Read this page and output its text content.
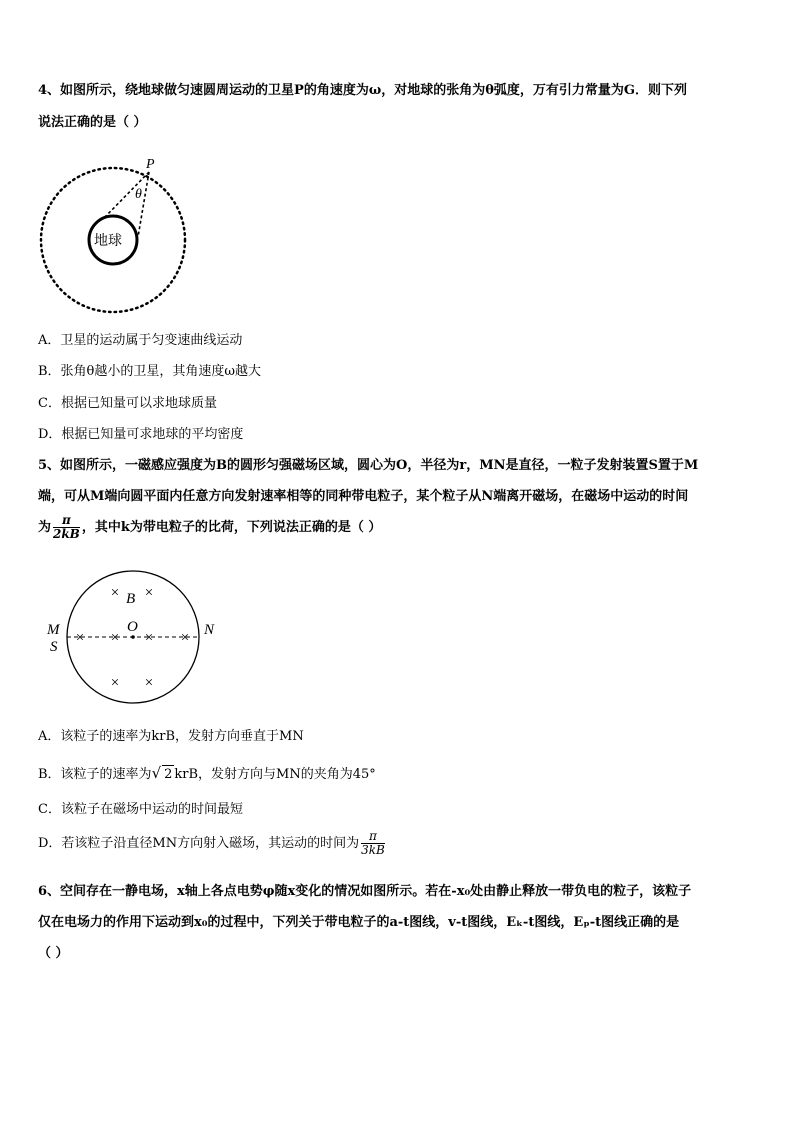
4、如图所示，绕地球做匀速圆周运动的卫星P的角速度为ω，对地球的张角为θ弧度，万有引力常量为G．则下列
说法正确的是（ ）
P
θ
地球
A．卫星的运动属于匀变速曲线运动
B．张角θ越小的卫星，其角速度ω越大
C．根据已知量可以求地球质量
D．根据已知量可求地球的平均密度
5、如图所示，一磁感应强度为B的圆形匀强磁场区域，圆心为O，半径为r，MN是直径，一粒子发射装置S置于M
端，可从M端向圆平面内任意方向发射速率相等的同种带电粒子，某个粒子从N端离开磁场，在磁场中运动的时间
为 $\frac{\pi}{2kB}$ ，其中k为带电粒子的比荷，下列说法正确的是（ ）
× ×
× × × ×
× ×
B
O
M
S
N
A．该粒子的速率为krB，发射方向垂直于MN
B．该粒子的速率为√ 2 krB，发射方向与MN的夹角为45°
C．该粒子在磁场中运动的时间最短
D．若该粒子沿直径MN方向射入磁场，其运动的时间为 $\frac{\pi}{3kB}$
6、空间存在一静电场，x轴上各点电势φ随x变化的情况如图所示。若在-x₀处由静止释放一带负电的粒子，该粒子
仅在电场力的作用下运动到x₀的过程中，下列关于带电粒子的a-t图线，v-t图线，Eₖ-t图线，Eₚ-t图线正确的是
（ ）
